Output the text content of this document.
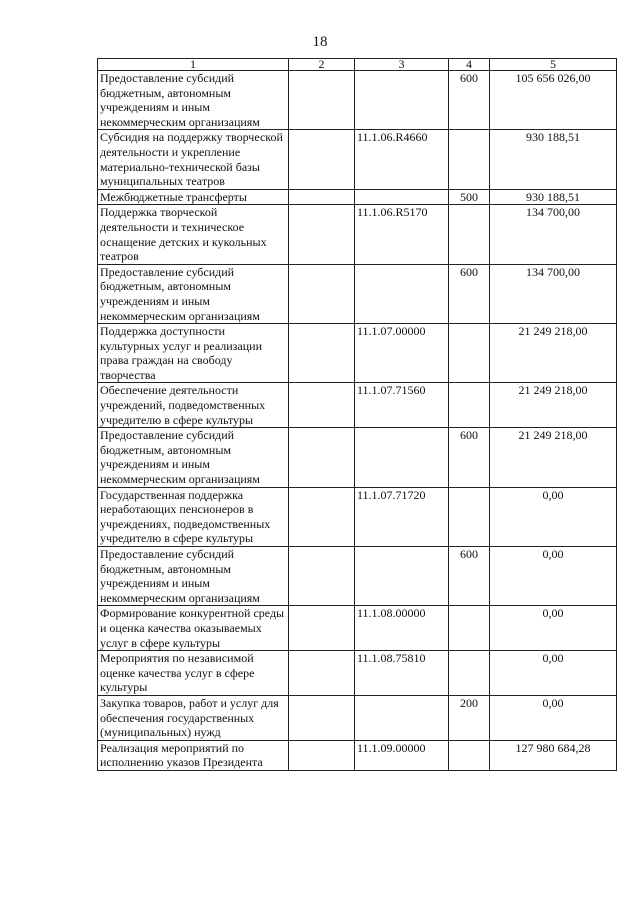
18
1	2	3	4	5
Предоставление субсидий бюджетным, автономным учреждениям и иным некоммерческим организациям			600	105 656 026,00
Субсидия на поддержку творческой деятельности и укрепление материально-технической базы муниципальных театров		11.1.06.R4660		930 188,51
Межбюджетные трансферты			500	930 188,51
Поддержка творческой деятельности и техническое оснащение детских и кукольных театров		11.1.06.R5170		134 700,00
Предоставление субсидий бюджетным, автономным учреждениям и иным некоммерческим организациям			600	134 700,00
Поддержка доступности культурных услуг и реализации права граждан на свободу творчества		11.1.07.00000		21 249 218,00
Обеспечение деятельности учреждений, подведомственных учредителю в сфере культуры		11.1.07.71560		21 249 218,00
Предоставление субсидий бюджетным, автономным учреждениям и иным некоммерческим организациям			600	21 249 218,00
Государственная поддержка неработающих пенсионеров в учреждениях, подведомственных учредителю в сфере культуры		11.1.07.71720		0,00
Предоставление субсидий бюджетным, автономным учреждениям и иным некоммерческим организациям			600	0,00
Формирование конкурентной среды и оценка качества оказываемых услуг в сфере культуры		11.1.08.00000		0,00
Мероприятия по независимой оценке качества услуг в сфере культуры		11.1.08.75810		0,00
Закупка товаров, работ и услуг для обеспечения государственных (муниципальных) нужд			200	0,00
Реализация мероприятий по исполнению указов Президента		11.1.09.00000		127 980 684,28
